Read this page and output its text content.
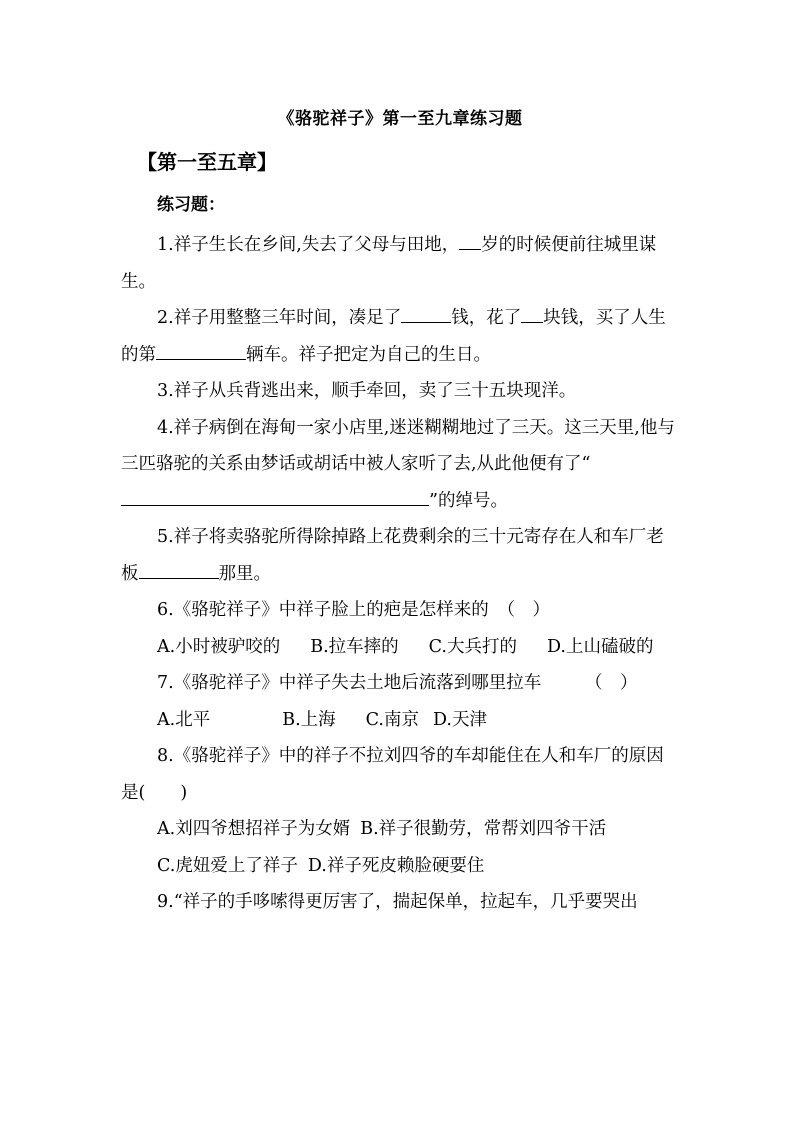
《骆驼祥子》第一至九章练习题
【第一至五章】
练习题：

1.祥子生长在乡间,失去了父母与田地， 岁的时候便前往城里谋生。

2.祥子用整整三年时间，凑足了	钱，花了 块钱，买了人生的第	辆车。祥子把定为自己的生日。

3.祥子从兵背逃出来，顺手牵回，卖了三十五块现洋。

4.祥子病倒在海甸一家小店里,迷迷糊糊地过了三天。这三天里,他与三匹骆驼的关系由梦话或胡话中被人家听了去,从此他便有了“”的绰号。

5.祥子将卖骆驼所得除掉路上花费剩余的三十元寄存在人和车厂老板	那里。

6.《骆驼祥子》中祥子脸上的疤是怎样来的　（　）

A.小时被驴咬的 B.拉车摔的 C.大兵打的 D.上山磕破的

7.《骆驼祥子》中祥子失去土地后流落到哪里拉车　　　（　）

A.北平	B.上海 C.南京 D.天津

8.《骆驼祥子》中的祥子不拉刘四爷的车却能住在人和车厂的原因是(　　)

A.刘四爷想招祥子为女婿 B.祥子很勤劳，常帮刘四爷干活

C.虎妞爱上了祥子 D.祥子死皮赖脸硬要住

9.“祥子的手哆嗦得更厉害了，揣起保单，拉起车，几乎要哭出
